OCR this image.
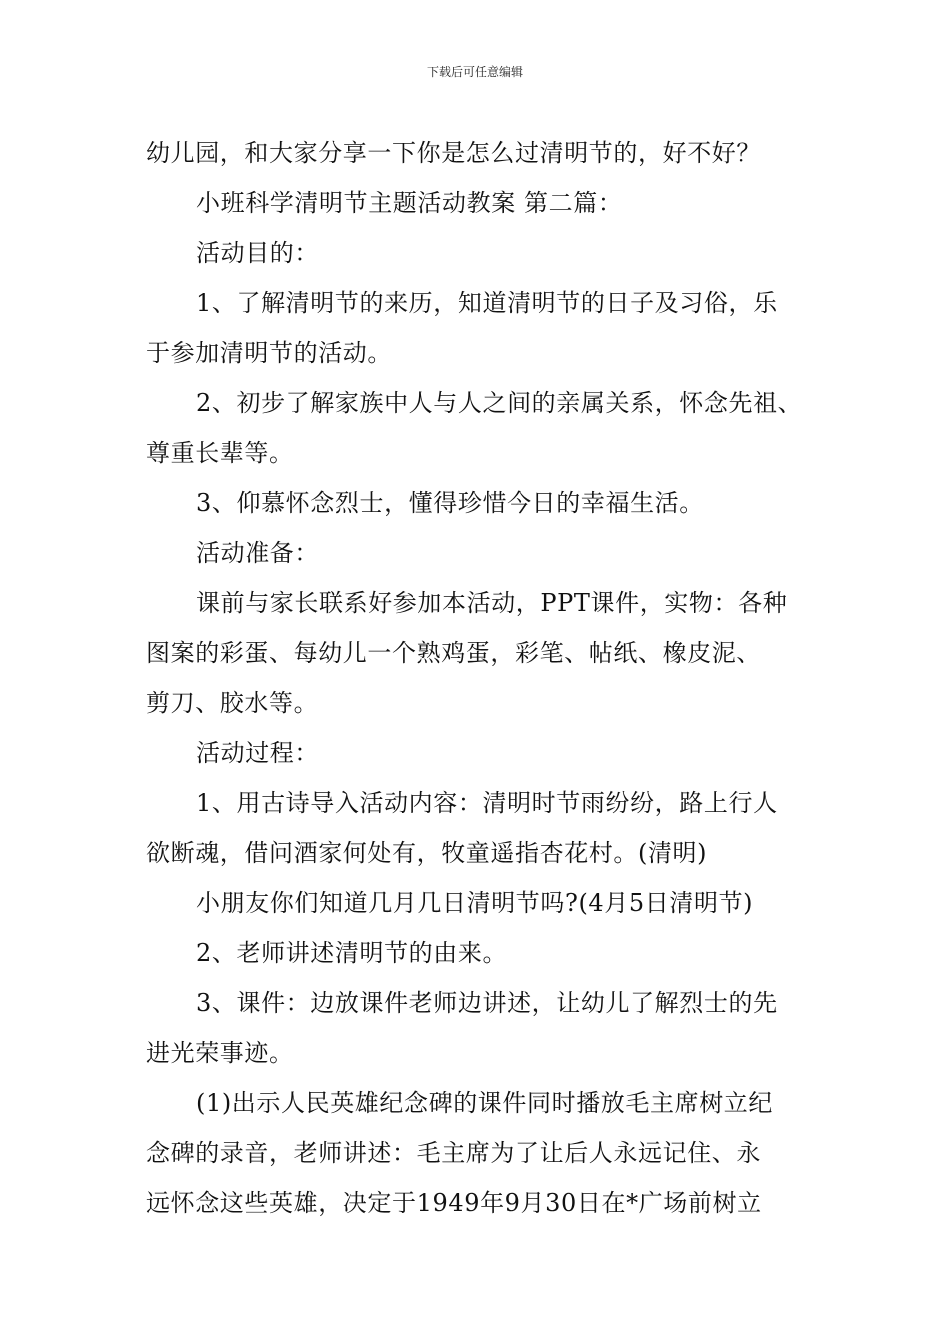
下载后可任意编辑
幼儿园，和大家分享一下你是怎么过清明节的，好不好？
小班科学清明节主题活动教案 第二篇：
活动目的：
1、了解清明节的来历，知道清明节的日子及习俗，乐
于参加清明节的活动。
2、初步了解家族中人与人之间的亲属关系，怀念先祖、
尊重长辈等。
3、仰慕怀念烈士，懂得珍惜今日的幸福生活。
活动准备：
课前与家长联系好参加本活动，PPT课件，实物：各种
图案的彩蛋、每幼儿一个熟鸡蛋，彩笔、帖纸、橡皮泥、
剪刀、胶水等。
活动过程：
1、用古诗导入活动内容：清明时节雨纷纷，路上行人
欲断魂，借问酒家何处有，牧童遥指杏花村。(清明)
小朋友你们知道几月几日清明节吗?(4月5日清明节)
2、老师讲述清明节的由来。
3、课件：边放课件老师边讲述，让幼儿了解烈士的先
进光荣事迹。
(1)出示人民英雄纪念碑的课件同时播放毛主席树立纪
念碑的录音，老师讲述：毛主席为了让后人永远记住、永
远怀念这些英雄，决定于1949年9月30日在*广场前树立
